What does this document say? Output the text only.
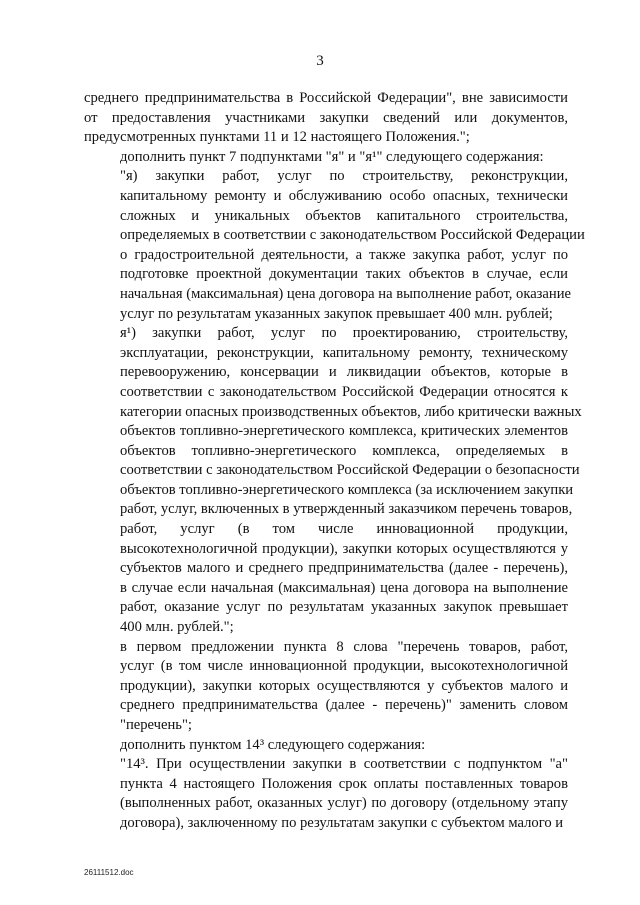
3
среднего предпринимательства в Российской Федерации", вне зависимости
от предоставления участниками закупки сведений или документов,
предусмотренных пунктами 11 и 12 настоящего Положения.";
дополнить пункт 7 подпунктами "я" и "я¹" следующего содержания:
"я) закупки работ, услуг по строительству, реконструкции,
капитальному ремонту и обслуживанию особо опасных, технически
сложных и уникальных объектов капитального строительства,
определяемых в соответствии с законодательством Российской Федерации
о градостроительной деятельности, а также закупка работ, услуг по
подготовке проектной документации таких объектов в случае, если
начальная (максимальная) цена договора на выполнение работ, оказание
услуг по результатам указанных закупок превышает 400 млн. рублей;
я¹) закупки работ, услуг по проектированию, строительству,
эксплуатации, реконструкции, капитальному ремонту, техническому
перевооружению, консервации и ликвидации объектов, которые в
соответствии с законодательством Российской Федерации относятся к
категории опасных производственных объектов, либо критически важных
объектов топливно-энергетического комплекса, критических элементов
объектов топливно-энергетического комплекса, определяемых в
соответствии с законодательством Российской Федерации о безопасности
объектов топливно-энергетического комплекса (за исключением закупки
работ, услуг, включенных в утвержденный заказчиком перечень товаров,
работ, услуг (в том числе инновационной продукции,
высокотехнологичной продукции), закупки которых осуществляются у
субъектов малого и среднего предпринимательства (далее - перечень),
в случае если начальная (максимальная) цена договора на выполнение
работ, оказание услуг по результатам указанных закупок превышает
400 млн. рублей.";
в первом предложении пункта 8 слова "перечень товаров, работ,
услуг (в том числе инновационной продукции, высокотехнологичной
продукции), закупки которых осуществляются у субъектов малого и
среднего предпринимательства (далее - перечень)" заменить словом
"перечень";
дополнить пунктом 14³ следующего содержания:
"14³. При осуществлении закупки в соответствии с подпунктом "а"
пункта 4 настоящего Положения срок оплаты поставленных товаров
(выполненных работ, оказанных услуг) по договору (отдельному этапу
договора), заключенному по результатам закупки с субъектом малого и
26111512.doc
